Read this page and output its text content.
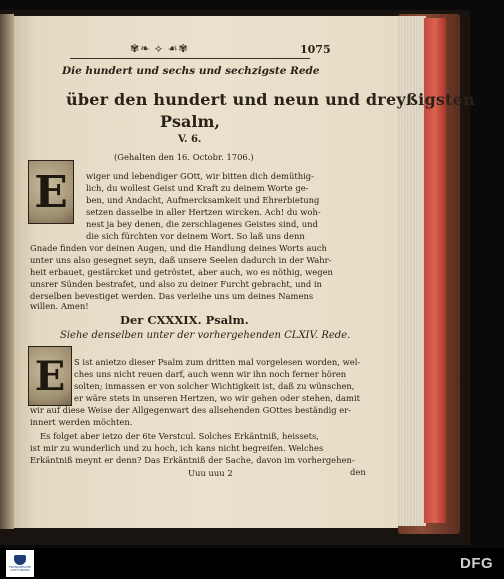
✾❧ ⟡ ☙✾	1075
Die hundert und sechs und sechzigste Rede
über den hundert und neun und dreyßigsten
Psalm,
V. 6.
(Gehalten den 16. Octobr. 1706.)
E	wiger und lebendiger GOtt, wir bitten dich demüthig-
lich, du wollest Geist und Kraft zu deinem Worte ge-
ben, und Andacht, Aufmercksamkeit und Ehrerbietung
setzen dasselbe in aller Hertzen wircken. Ach! du woh-
nest ja bey denen, die zerschlagenes Geistes sind, und
die sich fürchten vor deinem Wort. So laß uns denn
Gnade finden vor deinen Augen, und die Handlung deines Worts auch
unter uns also gesegnet seyn, daß unsere Seelen dadurch in der Wahr-
heit erbauet, gestärcket und getröstet, aber auch, wo es nöthig, wegen
unsrer Sünden bestrafet, und also zu deiner Furcht gebracht, und in
derselben bevestiget werden. Das verleihe uns um deines Namens
willen. Amen!
Der CXXXIX. Psalm.
Siehe denselben unter der vorhergehenden CLXIV. Rede.
E	S ist anietzo dieser Psalm zum dritten mal vorgelesen worden, wel-
ches uns nicht reuen darf, auch wenn wir ihn noch ferner hören
solten; inmassen er von solcher Wichtigkeit ist, daß zu wünschen,
er wäre stets in unseren Hertzen, wo wir gehen oder stehen, damit
wir auf diese Weise der Allgegenwart des allsehenden GOttes beständig er-
innert werden möchten.
Es folget aber ietzo der 6te Verstcul. Solches Erkäntniß, heissets,
ist mir zu wunderlich und zu hoch, ich kans nicht begreifen. Welches
Erkäntniß meynt er denn? Das Erkäntniß der Sache, davon im vorhergehen-
Uuu uuu 2	den
FRANCKESCHE STIFTUNGEN	DFG
